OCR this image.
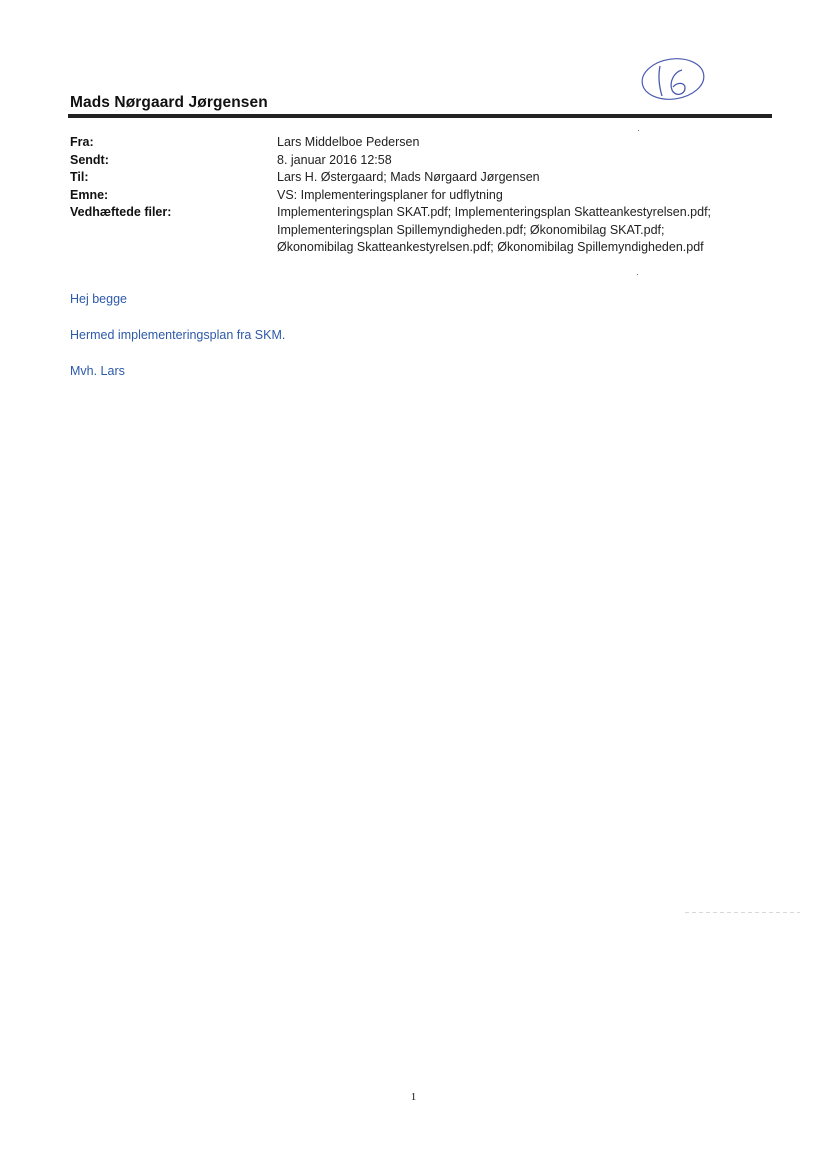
Mads Nørgaard Jørgensen
Fra:	Lars Middelboe Pedersen
Sendt:	8. januar 2016 12:58
Til:	Lars H. Østergaard; Mads Nørgaard Jørgensen
Emne:	VS: Implementeringsplaner for udflytning
Vedhæftede filer:	Implementeringsplan SKAT.pdf; Implementeringsplan Skatteankestyrelsen.pdf;
Implementeringsplan Spillemyndigheden.pdf; Økonomibilag SKAT.pdf;
Økonomibilag Skatteankestyrelsen.pdf; Økonomibilag Spillemyndigheden.pdf
Hej begge
Hermed implementeringsplan fra SKM.
Mvh. Lars
1
